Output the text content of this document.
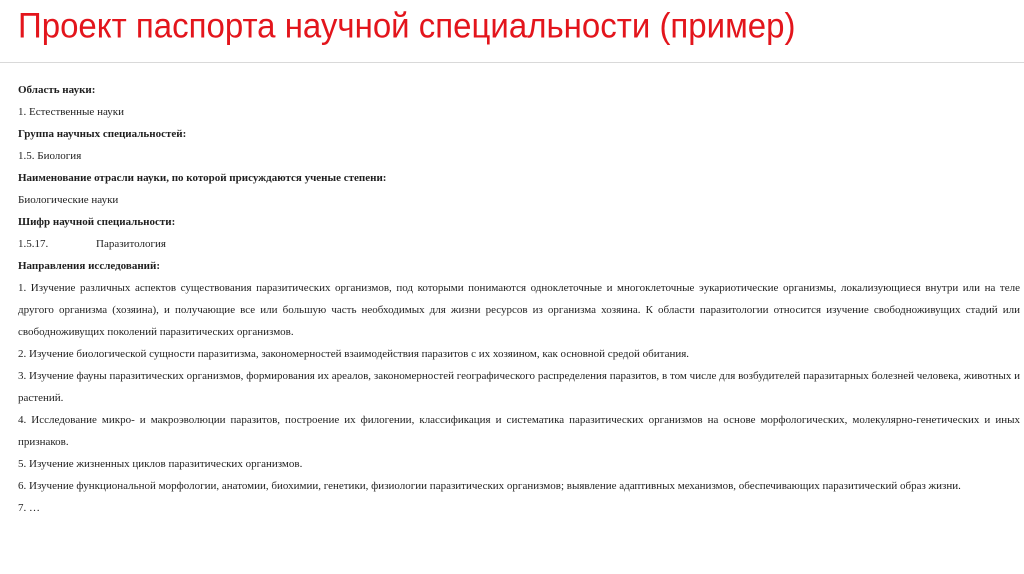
Проект паспорта научной специальности (пример)
Область науки:
1. Естественные науки
Группа научных специальностей:
1.5. Биология
Наименование отрасли науки, по которой присуждаются ученые степени:
Биологические науки
Шифр научной специальности:
1.5.17.	Паразитология
Направления исследований:

1. Изучение различных аспектов существования паразитических организмов, под которыми понимаются одноклеточные и многоклеточные эукариотические организмы, локализующиеся внутри или на теле другого организма (хозяина), и получающие все или большую часть необходимых для жизни ресурсов из организма хозяина. К области паразитологии относится изучение свободноживущих стадий или свободноживущих поколений паразитических организмов.

2. Изучение биологической сущности паразитизма, закономерностей взаимодействия паразитов с их хозяином, как основной средой обитания.

3. Изучение фауны паразитических организмов, формирования их ареалов, закономерностей географического распределения паразитов, в том числе для возбудителей паразитарных болезней человека, животных и растений.

4. Исследование микро- и макроэволюции паразитов, построение их филогении, классификация и систематика паразитических организмов на основе морфологических, молекулярно-генетических и иных признаков.

5. Изучение жизненных циклов паразитических организмов.

6. Изучение функциональной морфологии, анатомии, биохимии, генетики, физиологии паразитических организмов; выявление адаптивных механизмов, обеспечивающих паразитический образ жизни.

7. …
